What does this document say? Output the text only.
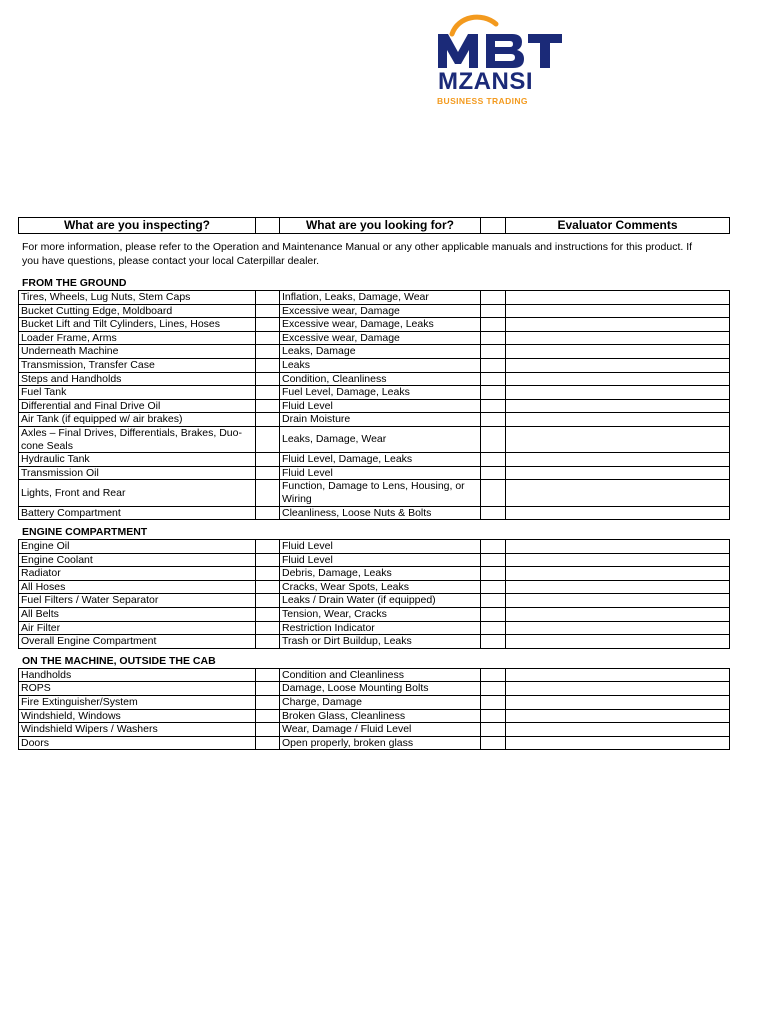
MZANSI
BUSINESS TRADING
What are you inspecting?		What are you looking for?		Evaluator Comments
For more information, please refer to the Operation and Maintenance Manual or any other applicable manuals and instructions for this product. If you have questions, please contact your local Caterpillar dealer.
FROM THE GROUND
Tires, Wheels, Lug Nuts, Stem Caps		Inflation, Leaks, Damage, Wear		
Bucket Cutting Edge, Moldboard		Excessive wear, Damage		
Bucket Lift and Tilt Cylinders, Lines, Hoses		Excessive wear, Damage, Leaks		
Loader Frame, Arms		Excessive wear, Damage		
Underneath Machine		Leaks, Damage		
Transmission, Transfer Case		Leaks		
Steps and Handholds		Condition, Cleanliness		
Fuel Tank		Fuel Level, Damage, Leaks		
Differential and Final Drive Oil		Fluid Level		
Air Tank (if equipped w/ air brakes)		Drain Moisture		
Axles – Final Drives, Differentials, Brakes, Duo-cone Seals		Leaks, Damage, Wear		
Hydraulic Tank		Fluid Level, Damage, Leaks		
Transmission Oil		Fluid Level		
Lights, Front and Rear		Function, Damage to Lens, Housing, or Wiring		
Battery Compartment		Cleanliness, Loose Nuts & Bolts		
ENGINE COMPARTMENT
Engine Oil		Fluid Level		
Engine Coolant		Fluid Level		
Radiator		Debris, Damage, Leaks		
All Hoses		Cracks, Wear Spots, Leaks		
Fuel Filters / Water Separator		Leaks / Drain Water (if equipped)		
All Belts		Tension, Wear, Cracks		
Air Filter		Restriction Indicator		
Overall Engine Compartment		Trash or Dirt Buildup, Leaks		
ON THE MACHINE, OUTSIDE THE CAB
Handholds		Condition and Cleanliness		
ROPS		Damage, Loose Mounting Bolts		
Fire Extinguisher/System		Charge, Damage		
Windshield, Windows		Broken Glass, Cleanliness		
Windshield Wipers / Washers		Wear, Damage / Fluid Level		
Doors		Open properly, broken glass		
